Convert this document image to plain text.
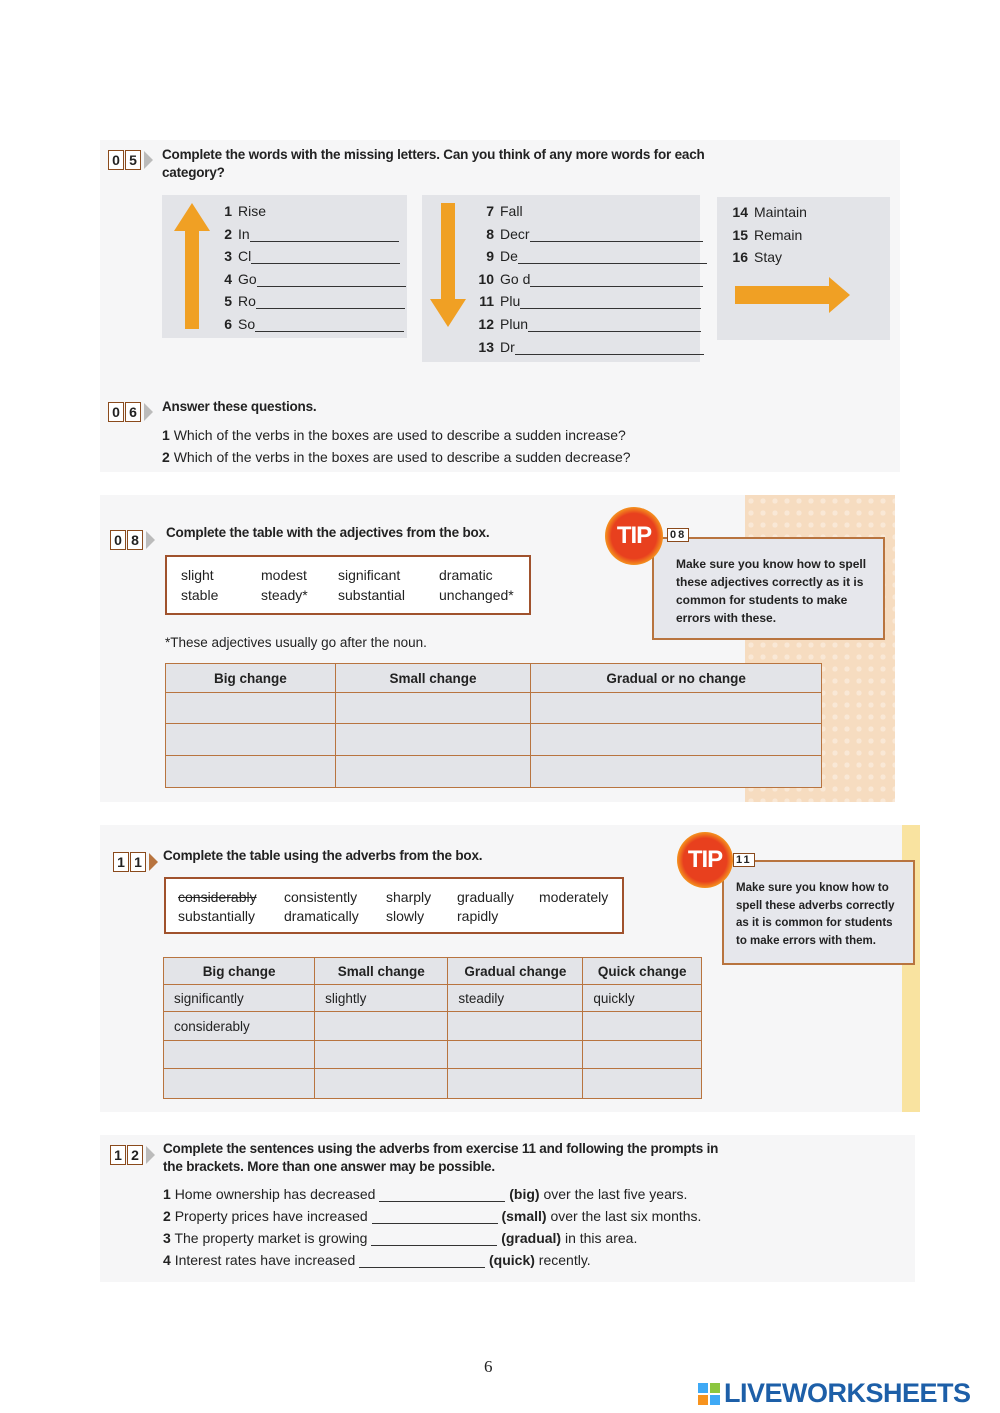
0 5	Complete the words with the missing letters. Can you think of any more words for each category?
1 Rise
2 In
3 Cl
4 Go
5 Ro
6 So
7 Fall
8 Decr
9 De
10 Go d
11 Plu
12 Plun
13 Dr
14 Maintain
15 Remain
16 Stay
0 6	Answer these questions.
1 Which of the verbs in the boxes are used to describe a sudden increase?
2 Which of the verbs in the boxes are used to describe a sudden decrease?
0 8	Complete the table with the adjectives from the box.
slight	modest significant	dramatic
stable	steady* substantial unchanged*
*These adjectives usually go after the noun.
Big change	Small change	Gradual or no change

Make sure you know how to spell these adjectives correctly as it is common for students to make errors with these.
TIP	08
1 1	Complete the table using the adverbs from the box.
considerably consistently sharply gradually moderately
substantially dramatically slowly rapidly
Big change	Small change	Gradual change	Quick change
significantly	slightly	steadily	quickly
considerably			

Make sure you know how to spell these adverbs correctly as it is common for students to make errors with them.
TIP	11
1 2	Complete the sentences using the adverbs from exercise 11 and following the prompts in the brackets. More than one answer may be possible.
1 Home ownership has decreased	(big) over the last five years.
2 Property prices have increased	(small) over the last six months.
3 The property market is growing	(gradual) in this area.
4 Interest rates have increased	(quick) recently.
6
LIVEWORKSHEETS
